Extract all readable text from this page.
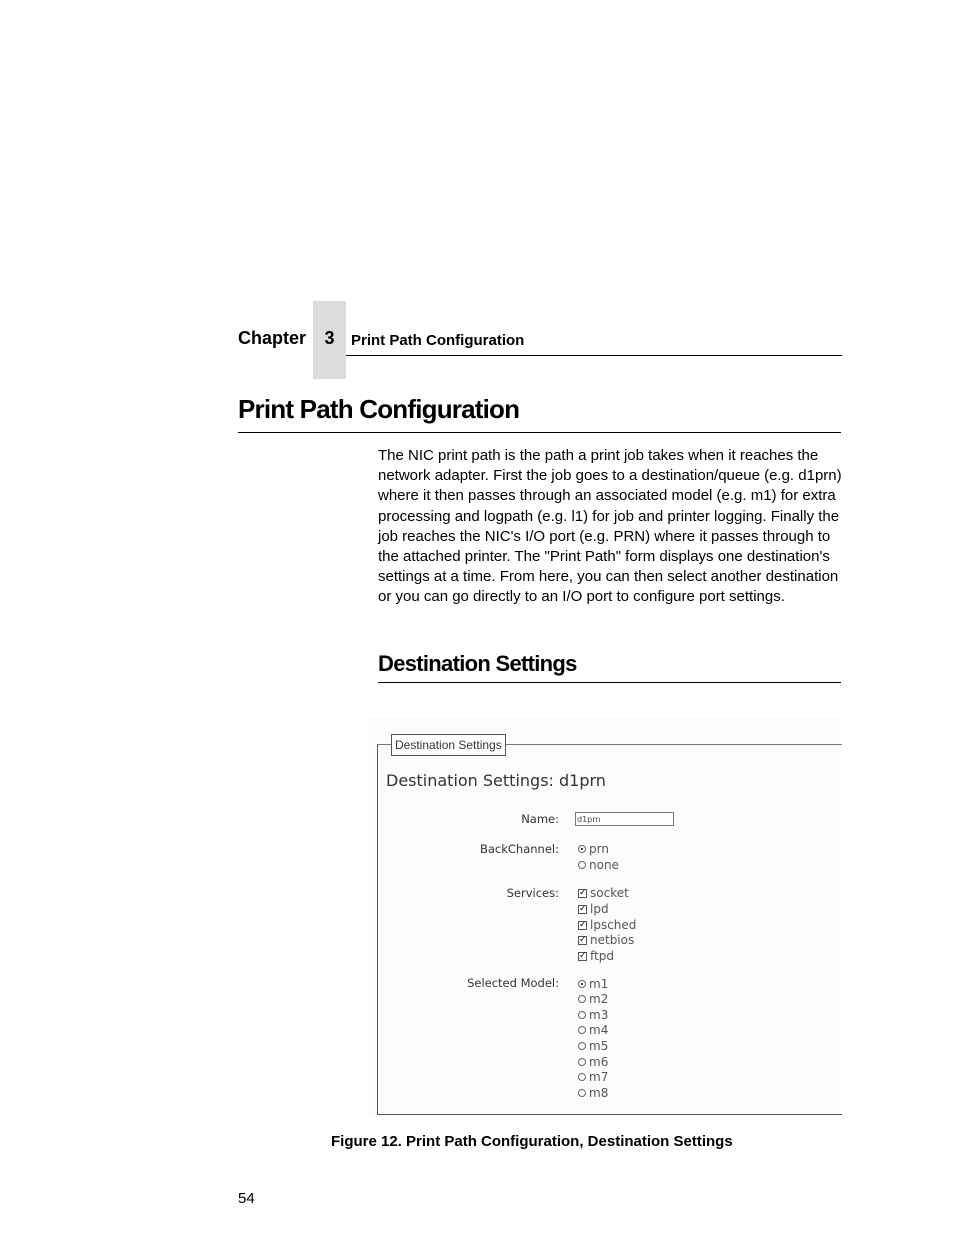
Chapter	3	Print Path Configuration
Print Path Configuration
The NIC print path is the path a print job takes when it reaches the network adapter. First the job goes to a destination/queue (e.g. d1prn) where it then passes through an associated model (e.g. m1) for extra processing and logpath (e.g. l1) for job and printer logging. Finally the job reaches the NIC's I/O port (e.g. PRN) where it passes through to the attached printer. The "Print Path" form displays one destination's settings at a time. From here, you can then select another destination or you can go directly to an I/O port to configure port settings.
Destination Settings
Destination Settings
Destination Settings: d1prn
Name: d1prn
BackChannel:	prn
none
Services: ✓ socket
✓ lpd
✓ lpsched
✓ netbios
✓ ftpd
Selected Model:	m1
m2
m3
m4
m5
m6
m7
m8
Figure 12. Print Path Configuration, Destination Settings
54
